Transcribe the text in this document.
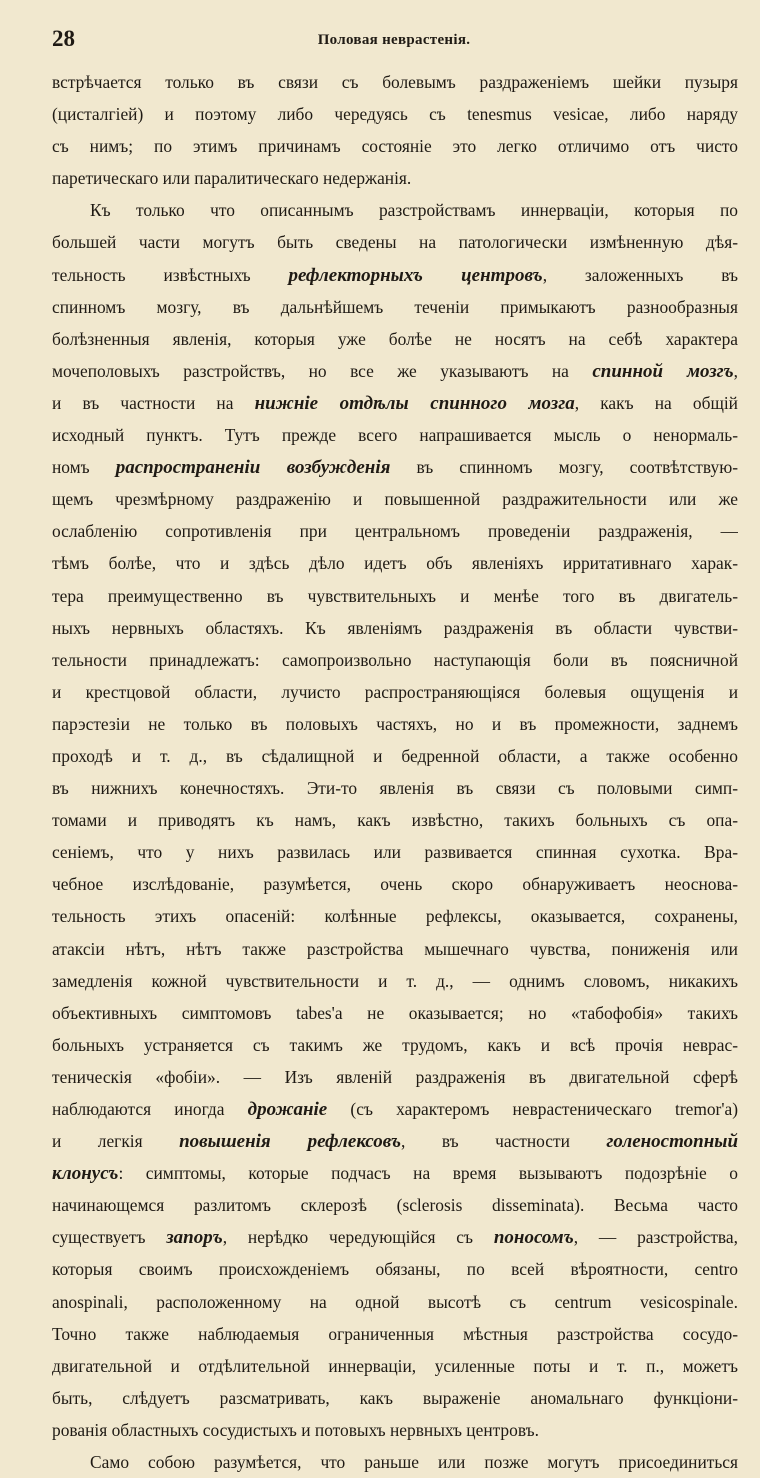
28	Половая неврастенія.
встрѣчается только въ связи съ болевымъ раздраженіемъ шейки пузыря
(цисталгіей) и поэтому либо чередуясь съ tenesmus vesicae, либо наряду
съ нимъ; по этимъ причинамъ состояніе это легко отличимо отъ чисто
паретическаго или паралитическаго недержанія.
Къ только что описаннымъ разстройствамъ иннерваціи, которыя по
большей части могутъ быть сведены на патологически измѣненную дѣя-
тельность извѣстныхъ рефлекторныхъ центровъ, заложенныхъ въ
спинномъ мозгу, въ дальнѣйшемъ теченіи примыкаютъ разнообразныя
болѣзненныя явленія, которыя уже болѣе не носятъ на себѣ характера
мочеполовыхъ разстройствъ, но все же указываютъ на спинной мозгъ,
и въ частности на нижніе отдѣлы спинного мозга, какъ на общій
исходный пунктъ. Тутъ прежде всего напрашивается мысль о ненормаль-
номъ распространеніи возбужденія въ спинномъ мозгу, соотвѣтствую-
щемъ чрезмѣрному раздраженію и повышенной раздражительности или же
ослабленію сопротивленія при центральномъ проведеніи раздраженія, —
тѣмъ болѣе, что и здѣсь дѣло идетъ объ явленіяхъ ирритативнаго харак-
тера преимущественно въ чувствительныхъ и менѣе того въ двигатель-
ныхъ нервныхъ областяхъ. Къ явленіямъ раздраженія въ области чувстви-
тельности принадлежатъ: самопроизвольно наступающія боли въ поясничной
и крестцовой области, лучисто распространяющіяся болевыя ощущенія и
парэстезіи не только въ половыхъ частяхъ, но и въ промежности, заднемъ
проходѣ и т. д., въ сѣдалищной и бедренной области, а также особенно
въ нижнихъ конечностяхъ. Эти-то явленія въ связи съ половыми симп-
томами и приводятъ къ намъ, какъ извѣстно, такихъ больныхъ съ опа-
сеніемъ, что у нихъ развилась или развивается спинная сухотка. Вра-
чебное изслѣдованіе, разумѣется, очень скоро обнаруживаетъ неоснова-
тельность этихъ опасеній: колѣнные рефлексы, оказывается, сохранены,
атаксіи нѣтъ, нѣтъ также разстройства мышечнаго чувства, пониженія или
замедленія кожной чувствительности и т. д., — однимъ словомъ, никакихъ
объективныхъ симптомовъ tabes'а не оказывается; но «табофобія» такихъ
больныхъ устраняется съ такимъ же трудомъ, какъ и всѣ прочія неврас-
теническія «фобіи». — Изъ явленій раздраженія въ двигательной сферѣ
наблюдаются иногда дрожаніе (съ характеромъ неврастеническаго tremor'а)
и легкія повышенія рефлексовъ, въ частности голеностопный
клонусъ: симптомы, которые подчасъ на время вызываютъ подозрѣніе о
начинающемся разлитомъ склерозѣ (sclerosis disseminata). Весьма часто
существуетъ запоръ, нерѣдко чередующійся съ поносомъ, — разстройства,
которыя своимъ происхожденіемъ обязаны, по всей вѣроятности, centro
anospinali, расположенному на одной высотѣ съ centrum vesicospinale.
Точно также наблюдаемыя ограниченныя мѣстныя разстройства сосудо-
двигательной и отдѣлительной иннерваціи, усиленные поты и т. п., можетъ
быть, слѣдуетъ разсматривать, какъ выраженіе аномальнаго функціони-
рованія областныхъ сосудистыхъ и потовыхъ нервныхъ центровъ.
Само собою разумѣется, что раньше или позже могутъ присоединиться
